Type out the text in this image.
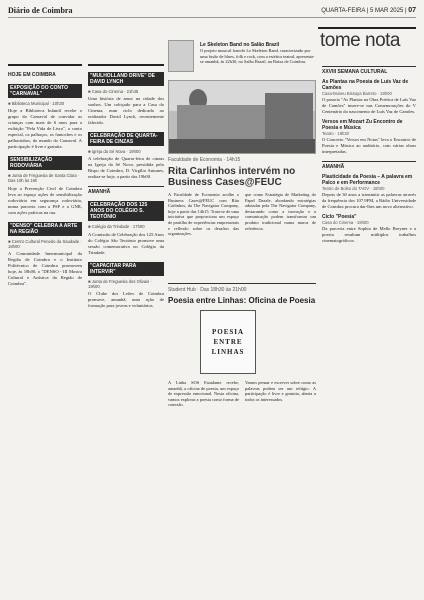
Diário de Coimbra	QUARTA-FEIRA | 5 MAR 2025 | 07
tome nota
Le Skeleton Band no Salão Brazil
O projeto musical francês Le Skeleton Band, caracterizado por uma fusão de blues, folk e rock, com a estética teatral, apresenta-se amanhã, às 22h30, no Salão Brazil, na Baixa de Coimbra.
HOJE EM COIMBRA
EXPOSIÇÃO DO CONTO "CARNAVAL"
■ Biblioteca Municipal · 10h30

Hoje a Biblioteca Infantil recebe o grupo do Carnaval de convidar as crianças com mais de 6 anos para a exibição "Pela Vida de Livro", o conto especial, os palhaços, os fantoches e os palhacinhos, do mundo do Carnaval. A participação é livre e gratuita.

SENSIBILIZAÇÃO RODOVIÁRIA
■ Junta de Freguesia de Santa Clara · Das 10h às 16h

Hoje a Prevenção Civil de Coimbra leva ao espaço ações de sensibilização rodoviária em segurança rodoviária, numa parceria com a PSP e a GNR, com ações práticas na rua.

"DENSO" CELEBRA A ARTE NA REGIÃO
■ Centro Cultural Penedo da Saudade · 18h00

A Comunidade Intermunicipal da Região de Coimbra e o Instituto Politécnico de Coimbra promovem hoje, às 18h00, o "DENSO - III Mostra Cultural e Artística da Região de Coimbra".

"MULHOLLAND DRIVE" DE DAVID LYNCH
■ Casa do Cinema · 21h45

Uma história de amor na cidade dos sonhos. Um cobiçado para a Casa do Cinema, num ciclo dedicado ao realizador David Lynch, recentemente falecido.

CELEBRAÇÃO DE QUARTA-FEIRA DE CINZAS
■ Igreja da Sé Nova · 19h00

A celebração de Quarta-feira de cinzas na Igreja da Sé Nova, presidida pelo Bispo de Coimbra, D. Virgílio Antunes, realiza-se hoje, a partir das 19h00.

AMANHÃ
CELEBRAÇÃO DOS 125 ANOS DO COLÉGIO S. TEOTÓNIO
■ Colégio da Trindade · 17h00

A Comissão de Celebração dos 125 Anos do Colégio São Teotónio promove uma sessão comemorativa no Colégio da Trindade.

"CAPACITAR PARA INTERVIR"
■ Junta de Freguesia dos Olivais · 19h00

O Clube dos Leões de Coimbra promove, amanhã, uma ação de formação para jovens e voluntários.

Faculdade de Economia · 14h15
Rita Carlinhos intervém no Business Cases@FEUC
A Faculdade de Economia acolhe o Business Cases@FEUC com Rita Carlinhos, da The Navigator Company, hoje a partir das 14h15. Trata-se de uma iniciativa que proporciona um espaço de partilha de experiências empresariais e reflexão sobre os desafios das organizações.
que como Estratégia de Marketing do Papel Dazzle, abordando estratégias adotadas pela The Navigator Company, destacando como a inovação e a comunicação podem transformar um produto tradicional numa marca de referência.
Student Hub · Das 18h30 às 21h00
Poesia entre Linhas: Oficina de Poesia
POESIA ENTRE LINHAS
A Linha SOS Estudante recebe, amanhã, a oficina de poesia, um espaço de expressão emocional. Nesta oficina, vamos explorar a poesia como forma de conexão.
Vamos pensar e escrever sobre como as palavras podem ser um refúgio. A participação é livre e gratuita, aberta a todos os interessados.
XXVIII SEMANA CULTURAL
As Plantas na Poesia de Luís Vaz de Camões
Casa-Museu Bissaya Barreto · 18h00

O passeio "As Plantas na Obra Poética de Luís Vaz de Camões" insere-se nas Comemorações do V Centenário do nascimento de Luís Vaz de Camões.

Versos em Mozart Zu Encontro de Poesia e Música
Teatro · 18h30

O Concerto "Versos em Notas" leva o Encontro de Poesia e Música ao auditório, com várias obras interpretadas.

AMANHÃ
Plasticidade da Poesia – A palavra em Palco e em Performance
Teatro de Bolso do TAGV · 18h00

Depois de 30 anos a transmitir as palavras através da frequência dos 107.9FM, a Rádio Universidade de Coimbra procura dar-lhes um novo alternativo.

Ciclo "Poesia"
Casa do Cinema · 19h00

Da parceria entre Sophia de Mello Breyner e a poesia resultam múltiplos trabalhos cinematográficos.
